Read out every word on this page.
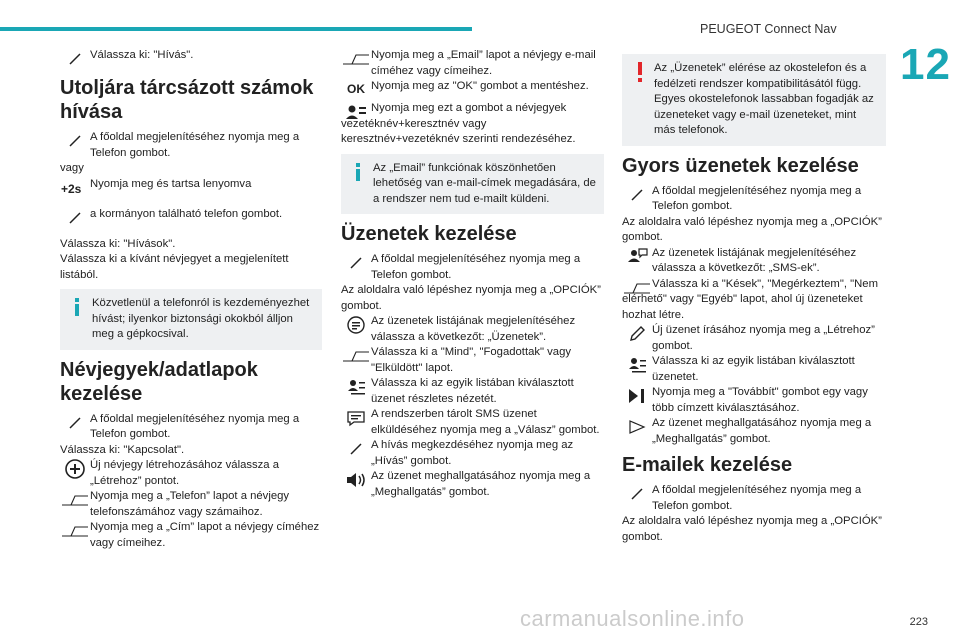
PEUGEOT Connect Nav
12

Válassza ki: "Hívás".

Utoljára tárcsázott számok hívása

A főoldal megjelenítéséhez nyomja meg a Telefon gombot.

vagy

+2s Nyomja meg és tartsa lenyomva

a kormányon található telefon gombot.

Válassza ki: "Hívások".

Válassza ki a kívánt névjegyet a megjelenített listából.

Közvetlenül a telefonról is kezdeményezhet hívást; ilyenkor biztonsági okokból álljon meg a gépkocsival.

Névjegyek/adatlapok kezelése

A főoldal megjelenítéséhez nyomja meg a Telefon gombot.

Válassza ki: "Kapcsolat".

Új névjegy létrehozásához válassza a „Létrehoz” pontot.

Nyomja meg a „Telefon” lapot a névjegy telefonszámához vagy számaihoz.

Nyomja meg a „Cím” lapot a névjegy címéhez vagy címeihez.

Nyomja meg a „Email” lapot a névjegy e-mail címéhez vagy címeihez.

OK Nyomja meg az "OK" gombot a mentéshez.

Nyomja meg ezt a gombot a névjegyek vezetéknév+keresztnév vagy keresztnév+vezetéknév szerinti rendezéséhez.

Az „Email” funkciónak köszönhetően lehetőség van e-mail-címek megadására, de a rendszer nem tud e-mailt küldeni.

Üzenetek kezelése

A főoldal megjelenítéséhez nyomja meg a Telefon gombot.

Az aloldalra való lépéshez nyomja meg a „OPCIÓK” gombot.

Az üzenetek listájának megjelenítéséhez válassza a következőt: „Üzenetek”.

Válassza ki a "Mind", "Fogadottak" vagy "Elküldött" lapot.

Válassza ki az egyik listában kiválasztott üzenet részletes nézetét.

A rendszerben tárolt SMS üzenet elküldéséhez nyomja meg a „Válasz” gombot.

A hívás megkezdéséhez nyomja meg az „Hívás” gombot.

Az üzenet meghallgatásához nyomja meg a „Meghallgatás” gombot.

Az „Üzenetek” elérése az okostelefon és a fedélzeti rendszer kompatibilitásától függ. Egyes okostelefonok lassabban fogadják az üzeneteket vagy e-mail üzeneteket, mint más telefonok.

Gyors üzenetek kezelése

A főoldal megjelenítéséhez nyomja meg a Telefon gombot.

Az aloldalra való lépéshez nyomja meg a „OPCIÓK” gombot.

Az üzenetek listájának megjelenítéséhez válassza a következőt: „SMS-ek”.

Válassza ki a "Kések", "Megérkeztem", "Nem elérhető" vagy "Egyéb" lapot, ahol új üzeneteket hozhat létre.

Új üzenet írásához nyomja meg a „Létrehoz” gombot.

Válassza ki az egyik listában kiválasztott üzenetet.

Nyomja meg a "Továbbít" gombot egy vagy több címzett kiválasztásához.

Az üzenet meghallgatásához nyomja meg a „Meghallgatás” gombot.

E-mailek kezelése

A főoldal megjelenítéséhez nyomja meg a Telefon gombot.

Az aloldalra való lépéshez nyomja meg a „OPCIÓK” gombot.

carmanualsonline.info	223
